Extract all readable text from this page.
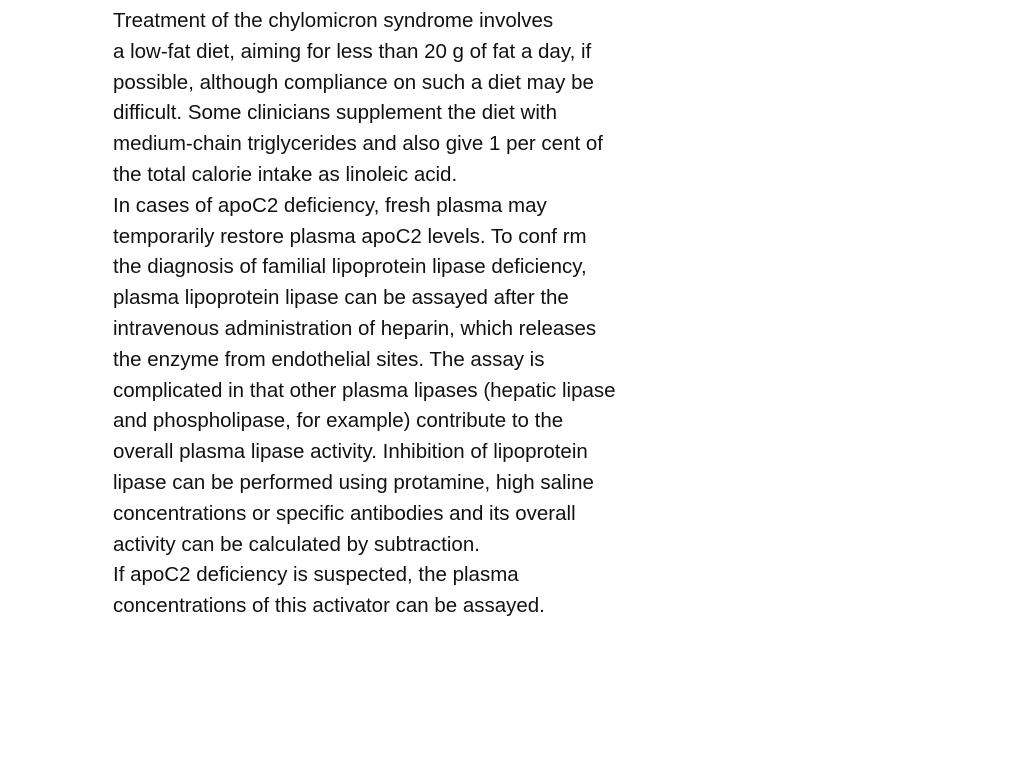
Treatment of the chylomicron syndrome involves
a low-fat diet, aiming for less than 20 g of fat a day, if
possible, although compliance on such a diet may be
difficult. Some clinicians supplement the diet with
medium-chain triglycerides and also give 1 per cent of
the total calorie intake as linoleic acid.
In cases of apoC2 deficiency, fresh plasma may
temporarily restore plasma apoC2 levels. To conf rm
the diagnosis of familial lipoprotein lipase deficiency,
plasma lipoprotein lipase can be assayed after the
intravenous administration of heparin, which releases
the enzyme from endothelial sites. The assay is
complicated in that other plasma lipases (hepatic lipase
and phospholipase, for example) contribute to the
overall plasma lipase activity. Inhibition of lipoprotein
lipase can be performed using protamine, high saline
concentrations or specific antibodies and its overall
activity can be calculated by subtraction.
If apoC2 deficiency is suspected, the plasma
concentrations of this activator can be assayed.
